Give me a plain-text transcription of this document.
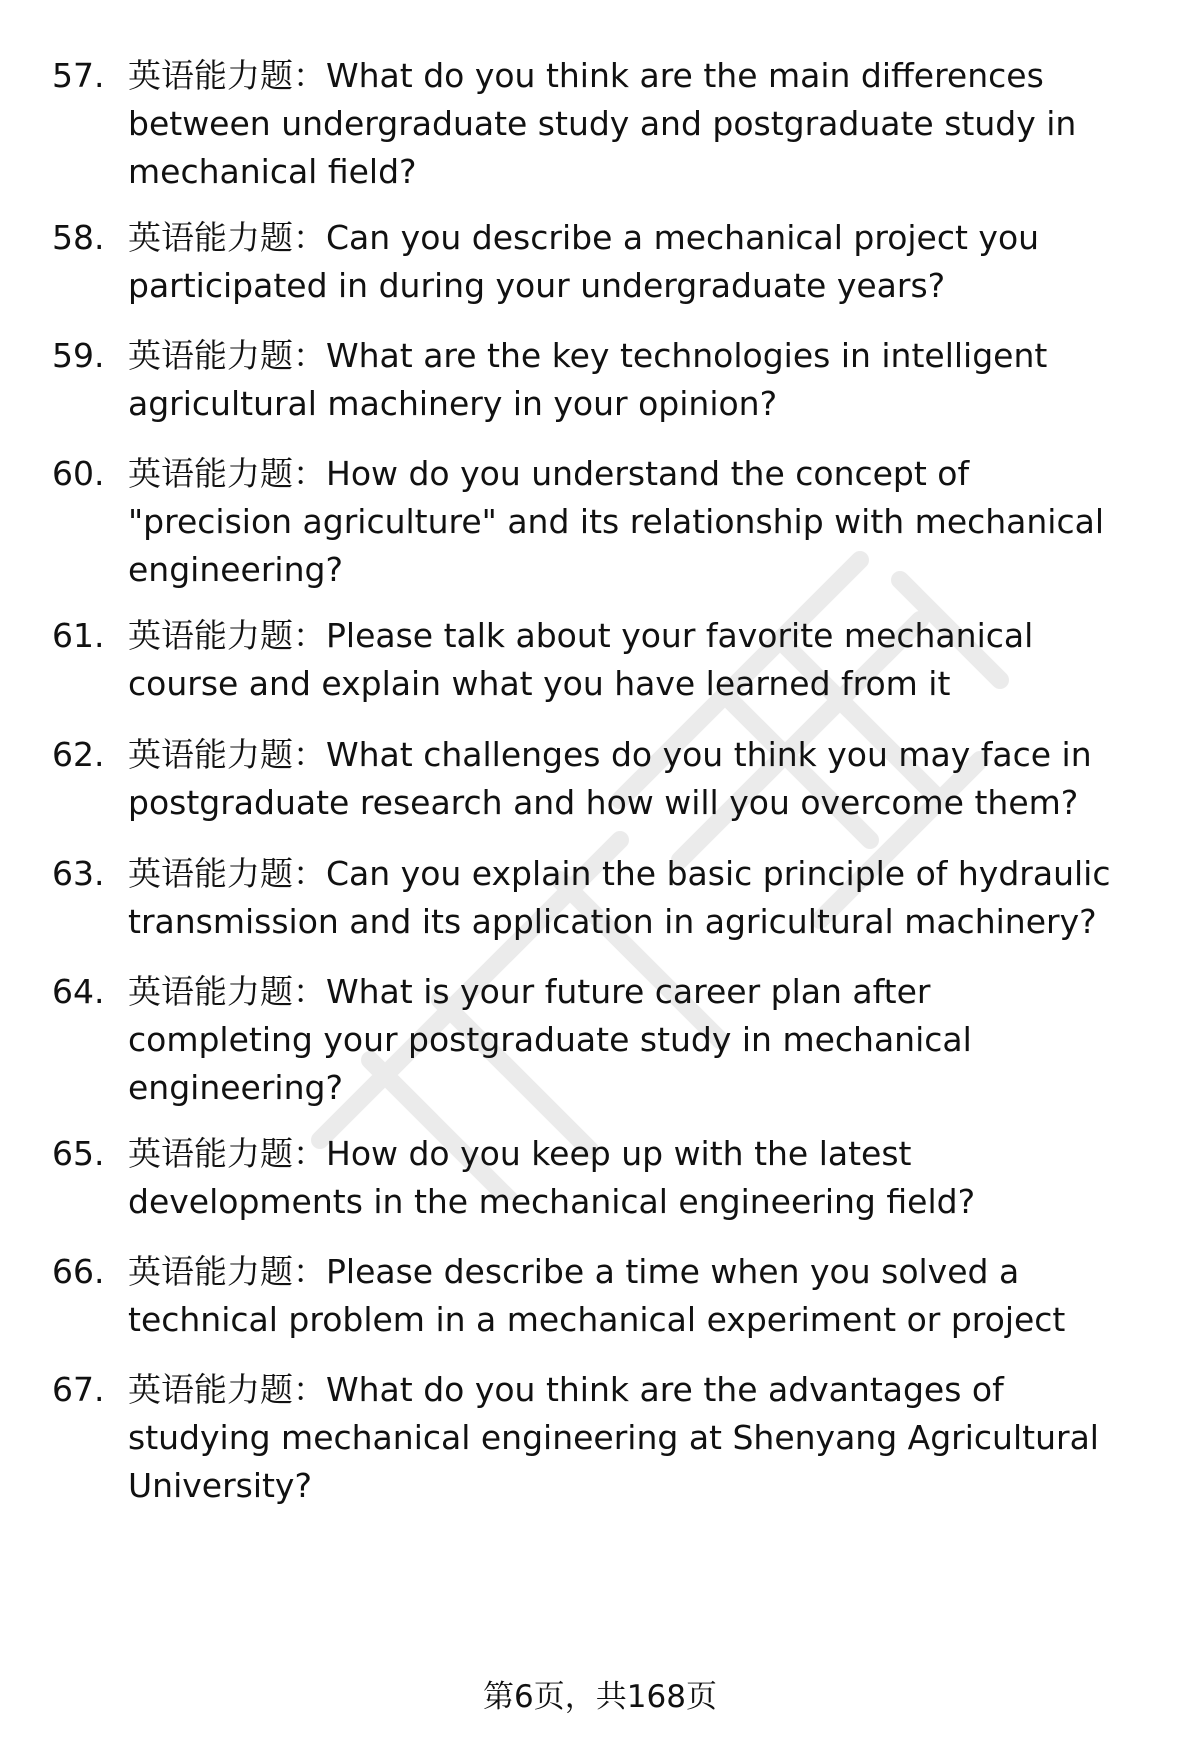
57. 英语能力题：What do you think are the main differences
between undergraduate study and postgraduate study in
mechanical field?
58. 英语能力题：Can you describe a mechanical project you
participated in during your undergraduate years?
59. 英语能力题：What are the key technologies in intelligent
agricultural machinery in your opinion?
60. 英语能力题：How do you understand the concept of
"precision agriculture" and its relationship with mechanical
engineering?
61. 英语能力题：Please talk about your favorite mechanical
course and explain what you have learned from it
62. 英语能力题：What challenges do you think you may face in
postgraduate research and how will you overcome them?
63. 英语能力题：Can you explain the basic principle of hydraulic
transmission and its application in agricultural machinery?
64. 英语能力题：What is your future career plan after
completing your postgraduate study in mechanical
engineering?
65. 英语能力题：How do you keep up with the latest
developments in the mechanical engineering field?
66. 英语能力题：Please describe a time when you solved a
technical problem in a mechanical experiment or project
67. 英语能力题：What do you think are the advantages of
studying mechanical engineering at Shenyang Agricultural
University?
第6页，共168页
